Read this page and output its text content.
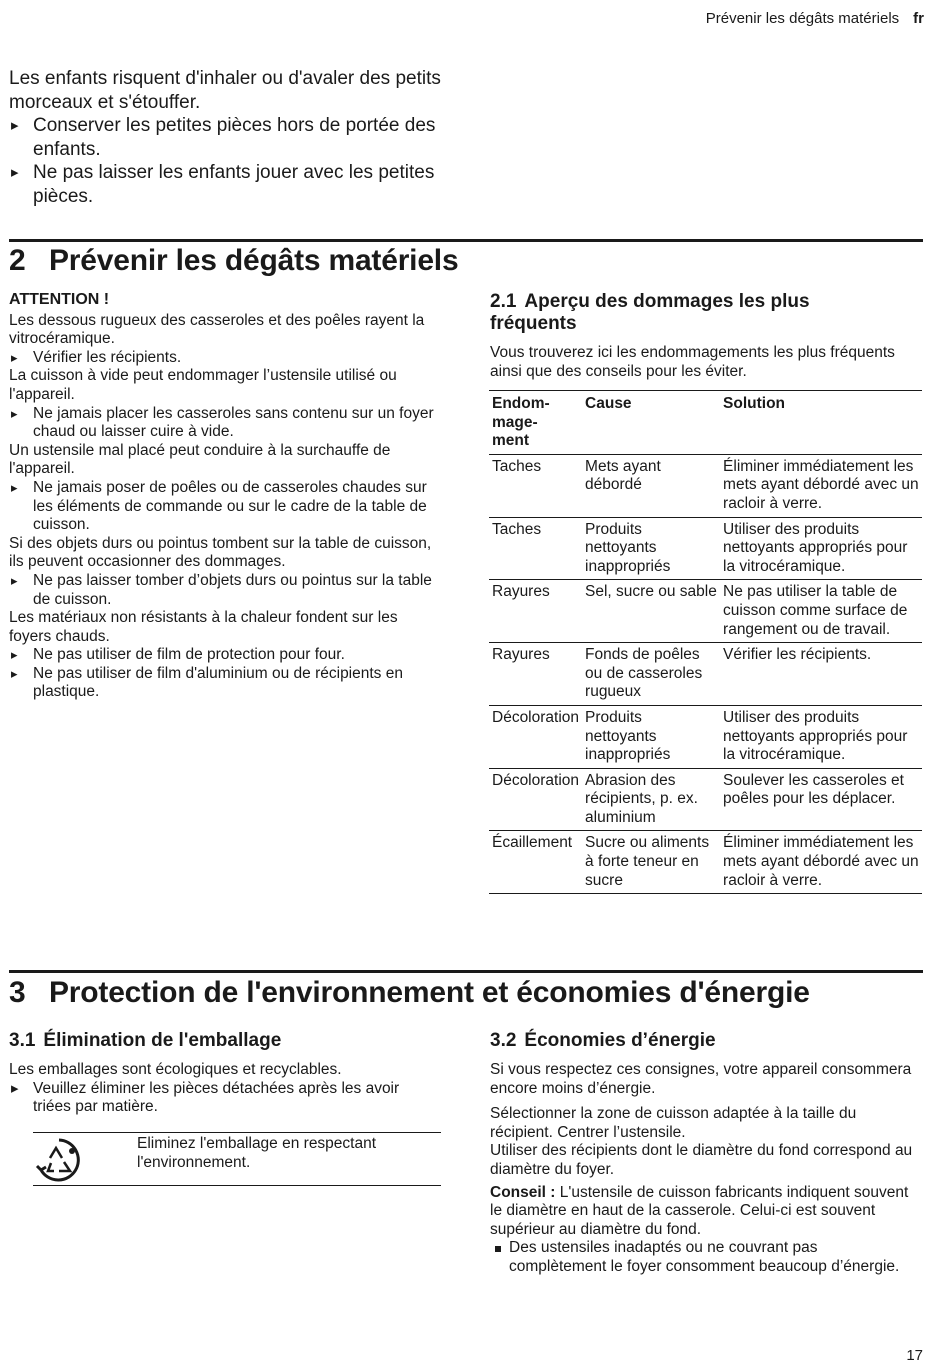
Prévenir les dégâts matériels fr

Les enfants risquent d'inhaler ou d'avaler des petits morceaux et s'étouffer.

▸ Conserver les petites pièces hors de portée des enfants.

▸ Ne pas laisser les enfants jouer avec les petites pièces.

2 Prévenir les dégâts matériels

ATTENTION !

Les dessous rugueux des casseroles et des poêles rayent la vitrocéramique.

▸ Vérifier les récipients.

La cuisson à vide peut endommager l’ustensile utilisé ou l'appareil.

▸ Ne jamais placer les casseroles sans contenu sur un foyer chaud ou laisser cuire à vide.

Un ustensile mal placé peut conduire à la surchauffe de l'appareil.

▸ Ne jamais poser de poêles ou de casseroles chaudes sur les éléments de commande ou sur le cadre de la table de cuisson.

Si des objets durs ou pointus tombent sur la table de cuisson, ils peuvent occasionner des dommages.

▸ Ne pas laisser tomber d’objets durs ou pointus sur la table de cuisson.

Les matériaux non résistants à la chaleur fondent sur les foyers chauds.

▸ Ne pas utiliser de film de protection pour four.

▸ Ne pas utiliser de film d'aluminium ou de récipients en plastique.

2.1 Aperçu des dommages les plus fréquents
Vous trouverez ici les endommagements les plus fréquents ainsi que des conseils pour les éviter.
Endom-
mage-
ment	Cause	Solution
Taches	Mets ayant débordé	Éliminer immédiatement les mets ayant débordé avec un racloir à verre.
Taches	Produits nettoyants inappropriés	Utiliser des produits nettoyants appropriés pour la vitrocéramique.
Rayures	Sel, sucre ou sable	Ne pas utiliser la table de cuisson comme surface de rangement ou de travail.
Rayures	Fonds de poêles ou de casseroles rugueux	Vérifier les récipients.
Décoloration	Produits nettoyants inappropriés	Utiliser des produits nettoyants appropriés pour la vitrocéramique.
Décoloration	Abrasion des récipients, p. ex. aluminium	Soulever les casseroles et poêles pour les déplacer.
Écaillement	Sucre ou aliments à forte teneur en sucre	Éliminer immédiatement les mets ayant débordé avec un racloir à verre.
3 Protection de l'environnement et économies d'énergie
3.1 Élimination de l'emballage

Les emballages sont écologiques et recyclables.

▸ Veuillez éliminer les pièces détachées après les avoir triées par matière.

Eliminez l'emballage en respectant l'environnement.
3.2 Économies d’énergie

Si vous respectez ces consignes, votre appareil consommera encore moins d’énergie.

Sélectionner la zone de cuisson adaptée à la taille du récipient. Centrer l’ustensile.

Utiliser des récipients dont le diamètre du fond correspond au diamètre du foyer.

Conseil : L'ustensile de cuisson fabricants indiquent souvent le diamètre en haut de la casserole. Celui-ci est souvent supérieur au diamètre du fond.

Des ustensiles inadaptés ou ne couvrant pas complètement le foyer consomment beaucoup d’énergie.

17
